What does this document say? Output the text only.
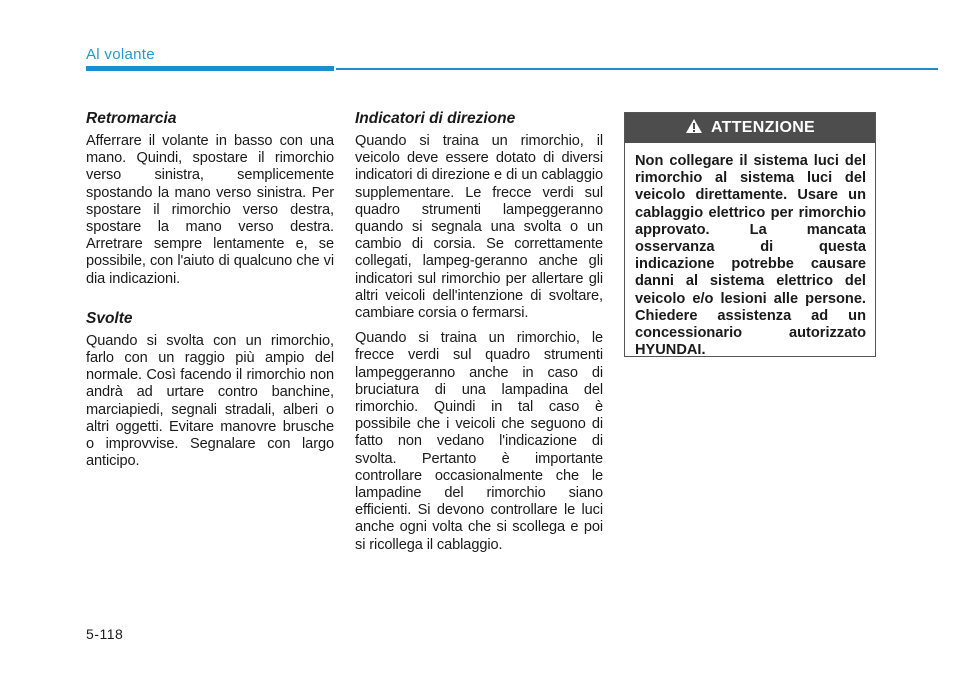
Al volante
Retromarcia

Afferrare il volante in basso con una mano. Quindi, spostare il rimorchio verso sinistra, semplicemente spostando la mano verso sinistra. Per spostare il rimorchio verso destra, spostare la mano verso destra. Arretrare sempre lentamente e, se possibile, con l'aiuto di qualcuno che vi dia indicazioni.

Svolte

Quando si svolta con un rimorchio, farlo con un raggio più ampio del normale. Così facendo il rimorchio non andrà ad urtare contro banchine, marciapiedi, segnali stradali, alberi o altri oggetti. Evitare manovre brusche o improvvise. Segnalare con largo anticipo.

Indicatori di direzione

Quando si traina un rimorchio, il veicolo deve essere dotato di diversi indicatori di direzione e di un cablaggio supplementare. Le frecce verdi sul quadro strumenti lampeggeranno quando si segnala una svolta o un cambio di corsia. Se correttamente collegati, lampeg-geranno anche gli indicatori sul rimorchio per allertare gli altri veicoli dell'intenzione di svoltare, cambiare corsia o fermarsi.

Quando si traina un rimorchio, le frecce verdi sul quadro strumenti lampeggeranno anche in caso di bruciatura di una lampadina del rimorchio. Quindi in tal caso è possibile che i veicoli che seguono di fatto non vedano l'indicazione di svolta. Pertanto è importante controllare occasionalmente che le lampadine del rimorchio siano efficienti. Si devono controllare le luci anche ogni volta che si scollega e poi si ricollega il cablaggio.

ATTENZIONE
Non collegare il sistema luci del rimorchio al sistema luci del veicolo direttamente. Usare un cablaggio elettrico per rimorchio approvato. La mancata osservanza di questa indicazione potrebbe causare danni al sistema elettrico del veicolo e/o lesioni alle persone. Chiedere assistenza ad un concessionario autorizzato HYUNDAI.
5-118
